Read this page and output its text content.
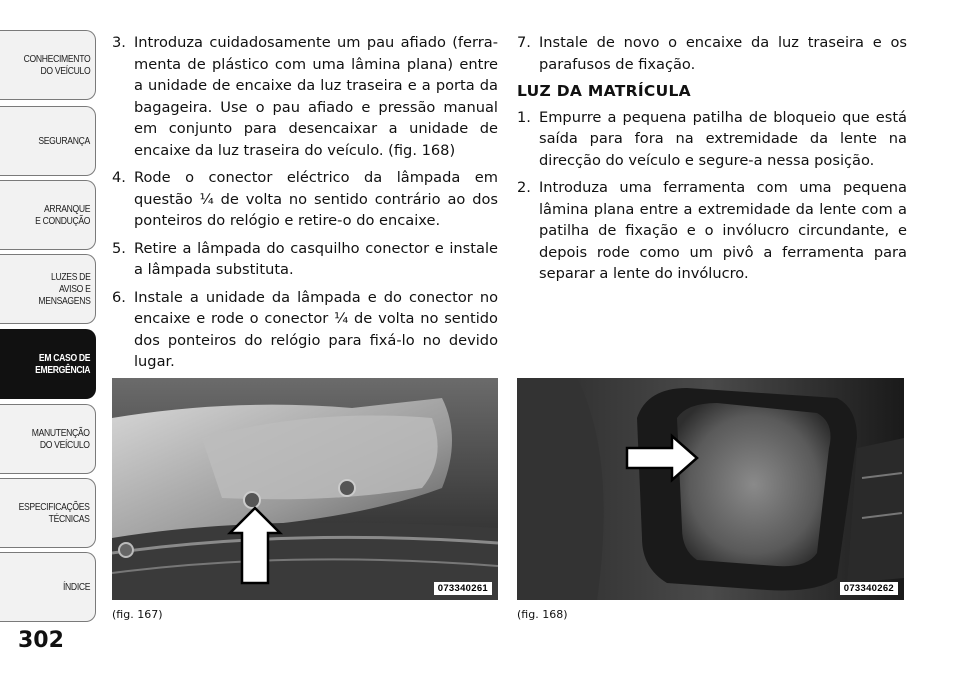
CONHECIMENTO
DO VEÍCULO
SEGURANÇA
ARRANQUE
E CONDUÇÃO
LUZES DE
AVISO E
MENSAGENS
EM CASO DE
EMERGÊNCIA
MANUTENÇÃO
DO VEÍCULO
ESPECIFICAÇÕES
TÉCNICAS
ÍNDICE
302
3. Introduza cuidadosamente um pau afiado (ferramenta de plástico com uma lâmina plana) entre a unidade de encaixe da luz traseira e a porta da bagageira. Use o pau afiado e pressão manual em conjunto para desencaixar a unidade de encaixe da luz traseira do veículo. (fig. 168)
4. Rode o conector eléctrico da lâmpada em questão ¼ de volta no sentido contrário ao dos ponteiros do relógio e retire-o do encaixe.
5. Retire a lâmpada do casquilho conector e instale a lâmpada substituta.
6. Instale a unidade da lâmpada e do conector no encaixe e rode o conector ¼ de volta no sentido dos ponteiros do relógio para fixá-lo no devido lugar.
7. Instale de novo o encaixe da luz traseira e os parafusos de fixação.
LUZ DA MATRÍCULA
1. Empurre a pequena patilha de bloqueio que está saída para fora na extremidade da lente na direcção do veículo e segure-a nessa posição.
2. Introduza uma ferramenta com uma pequena lâmina plana entre a extremidade da lente com a patilha de fixação e o invólucro circundante, e depois rode como um pivô a ferramenta para separar a lente do invólucro.
073340261
(fig. 167)
073340262
(fig. 168)
